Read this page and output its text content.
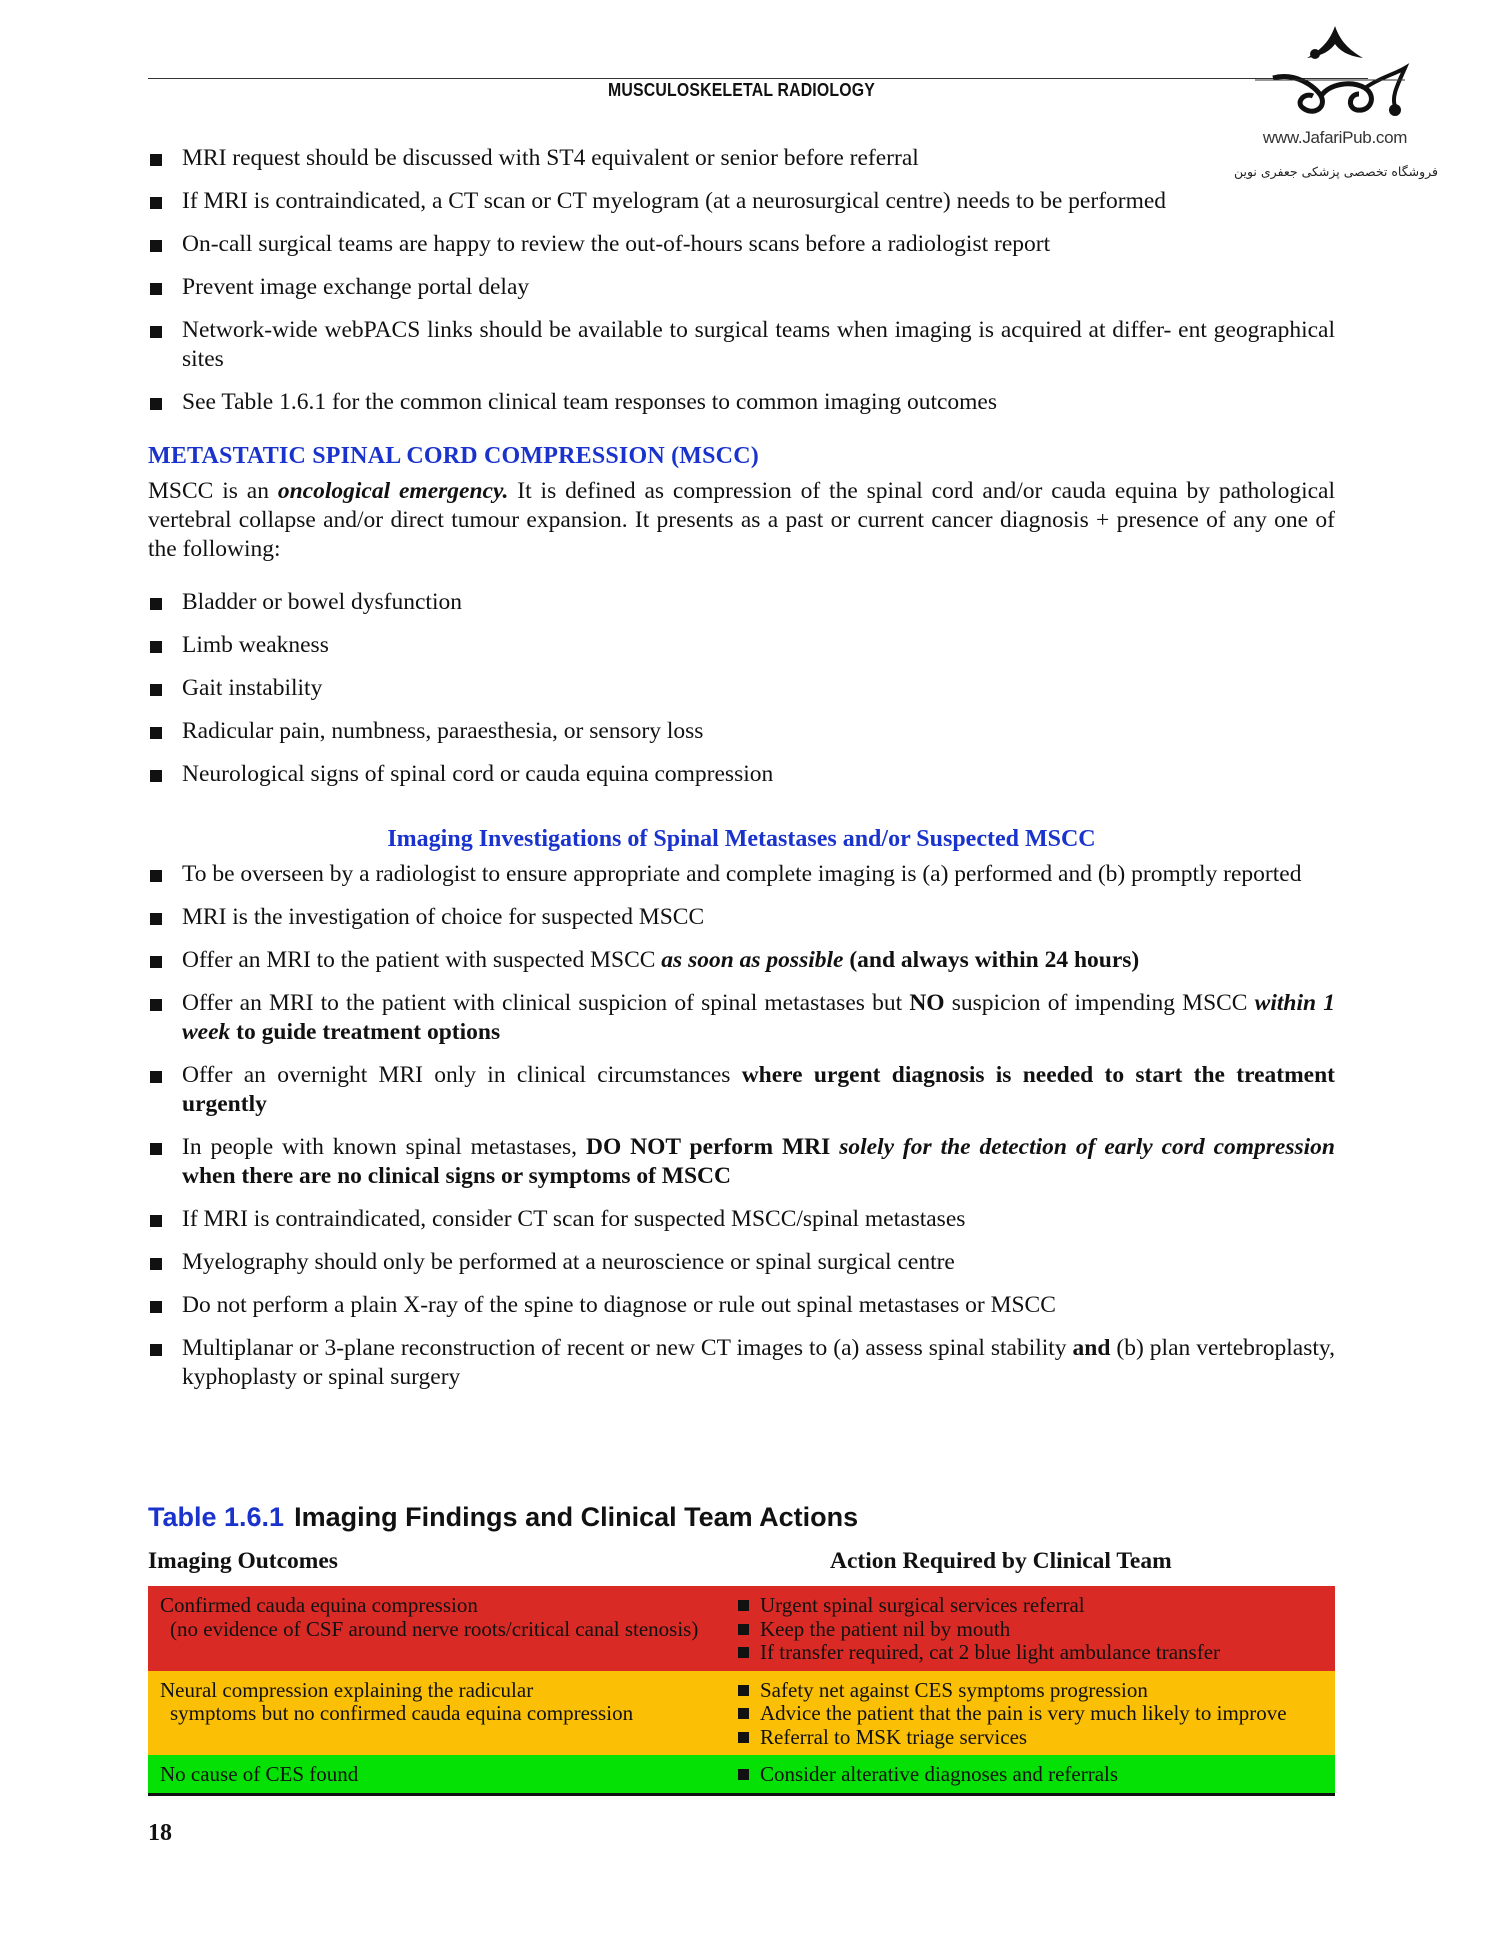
MUSCULOSKELETAL RADIOLOGY
www.JafariPub.com
فروشگاه تخصصی پزشکی جعفری نوین
MRI request should be discussed with ST4 equivalent or senior before referral
If MRI is contraindicated, a CT scan or CT myelogram (at a neurosurgical centre) needs to be performed
On-call surgical teams are happy to review the out-of-hours scans before a radiologist report
Prevent image exchange portal delay
Network-wide webPACS links should be available to surgical teams when imaging is acquired at differ- ent geographical sites
See Table 1.6.1 for the common clinical team responses to common imaging outcomes
METASTATIC SPINAL CORD COMPRESSION (MSCC)

MSCC is an oncological emergency. It is defined as compression of the spinal cord and/or cauda equina by pathological vertebral collapse and/or direct tumour expansion. It presents as a past or current cancer diagnosis + presence of any one of the following:

Bladder or bowel dysfunction
Limb weakness
Gait instability
Radicular pain, numbness, paraesthesia, or sensory loss
Neurological signs of spinal cord or cauda equina compression
Imaging Investigations of Spinal Metastases and/or Suspected MSCC
To be overseen by a radiologist to ensure appropriate and complete imaging is (a) performed and (b) promptly reported
MRI is the investigation of choice for suspected MSCC
Offer an MRI to the patient with suspected MSCC as soon as possible (and always within 24 hours)
Offer an MRI to the patient with clinical suspicion of spinal metastases but NO suspicion of impending MSCC within 1 week to guide treatment options
Offer an overnight MRI only in clinical circumstances where urgent diagnosis is needed to start the treatment urgently
In people with known spinal metastases, DO NOT perform MRI solely for the detection of early cord compression when there are no clinical signs or symptoms of MSCC
If MRI is contraindicated, consider CT scan for suspected MSCC/spinal metastases
Myelography should only be performed at a neuroscience or spinal surgical centre
Do not perform a plain X-ray of the spine to diagnose or rule out spinal metastases or MSCC
Multiplanar or 3-plane reconstruction of recent or new CT images to (a) assess spinal stability and (b) plan vertebroplasty, kyphoplasty or spinal surgery
Table 1.6.1 Imaging Findings and Clinical Team Actions
Imaging Outcomes	Action Required by Clinical Team
Confirmed cauda equina compression
(no evidence of CSF around nerve roots/critical canal stenosis)
Urgent spinal surgical services referral
Keep the patient nil by mouth
If transfer required, cat 2 blue light ambulance transfer
Neural compression explaining the radicular
symptoms but no confirmed cauda equina compression
Safety net against CES symptoms progression
Advice the patient that the pain is very much likely to improve
Referral to MSK triage services
No cause of CES found	Consider alterative diagnoses and referrals
18
